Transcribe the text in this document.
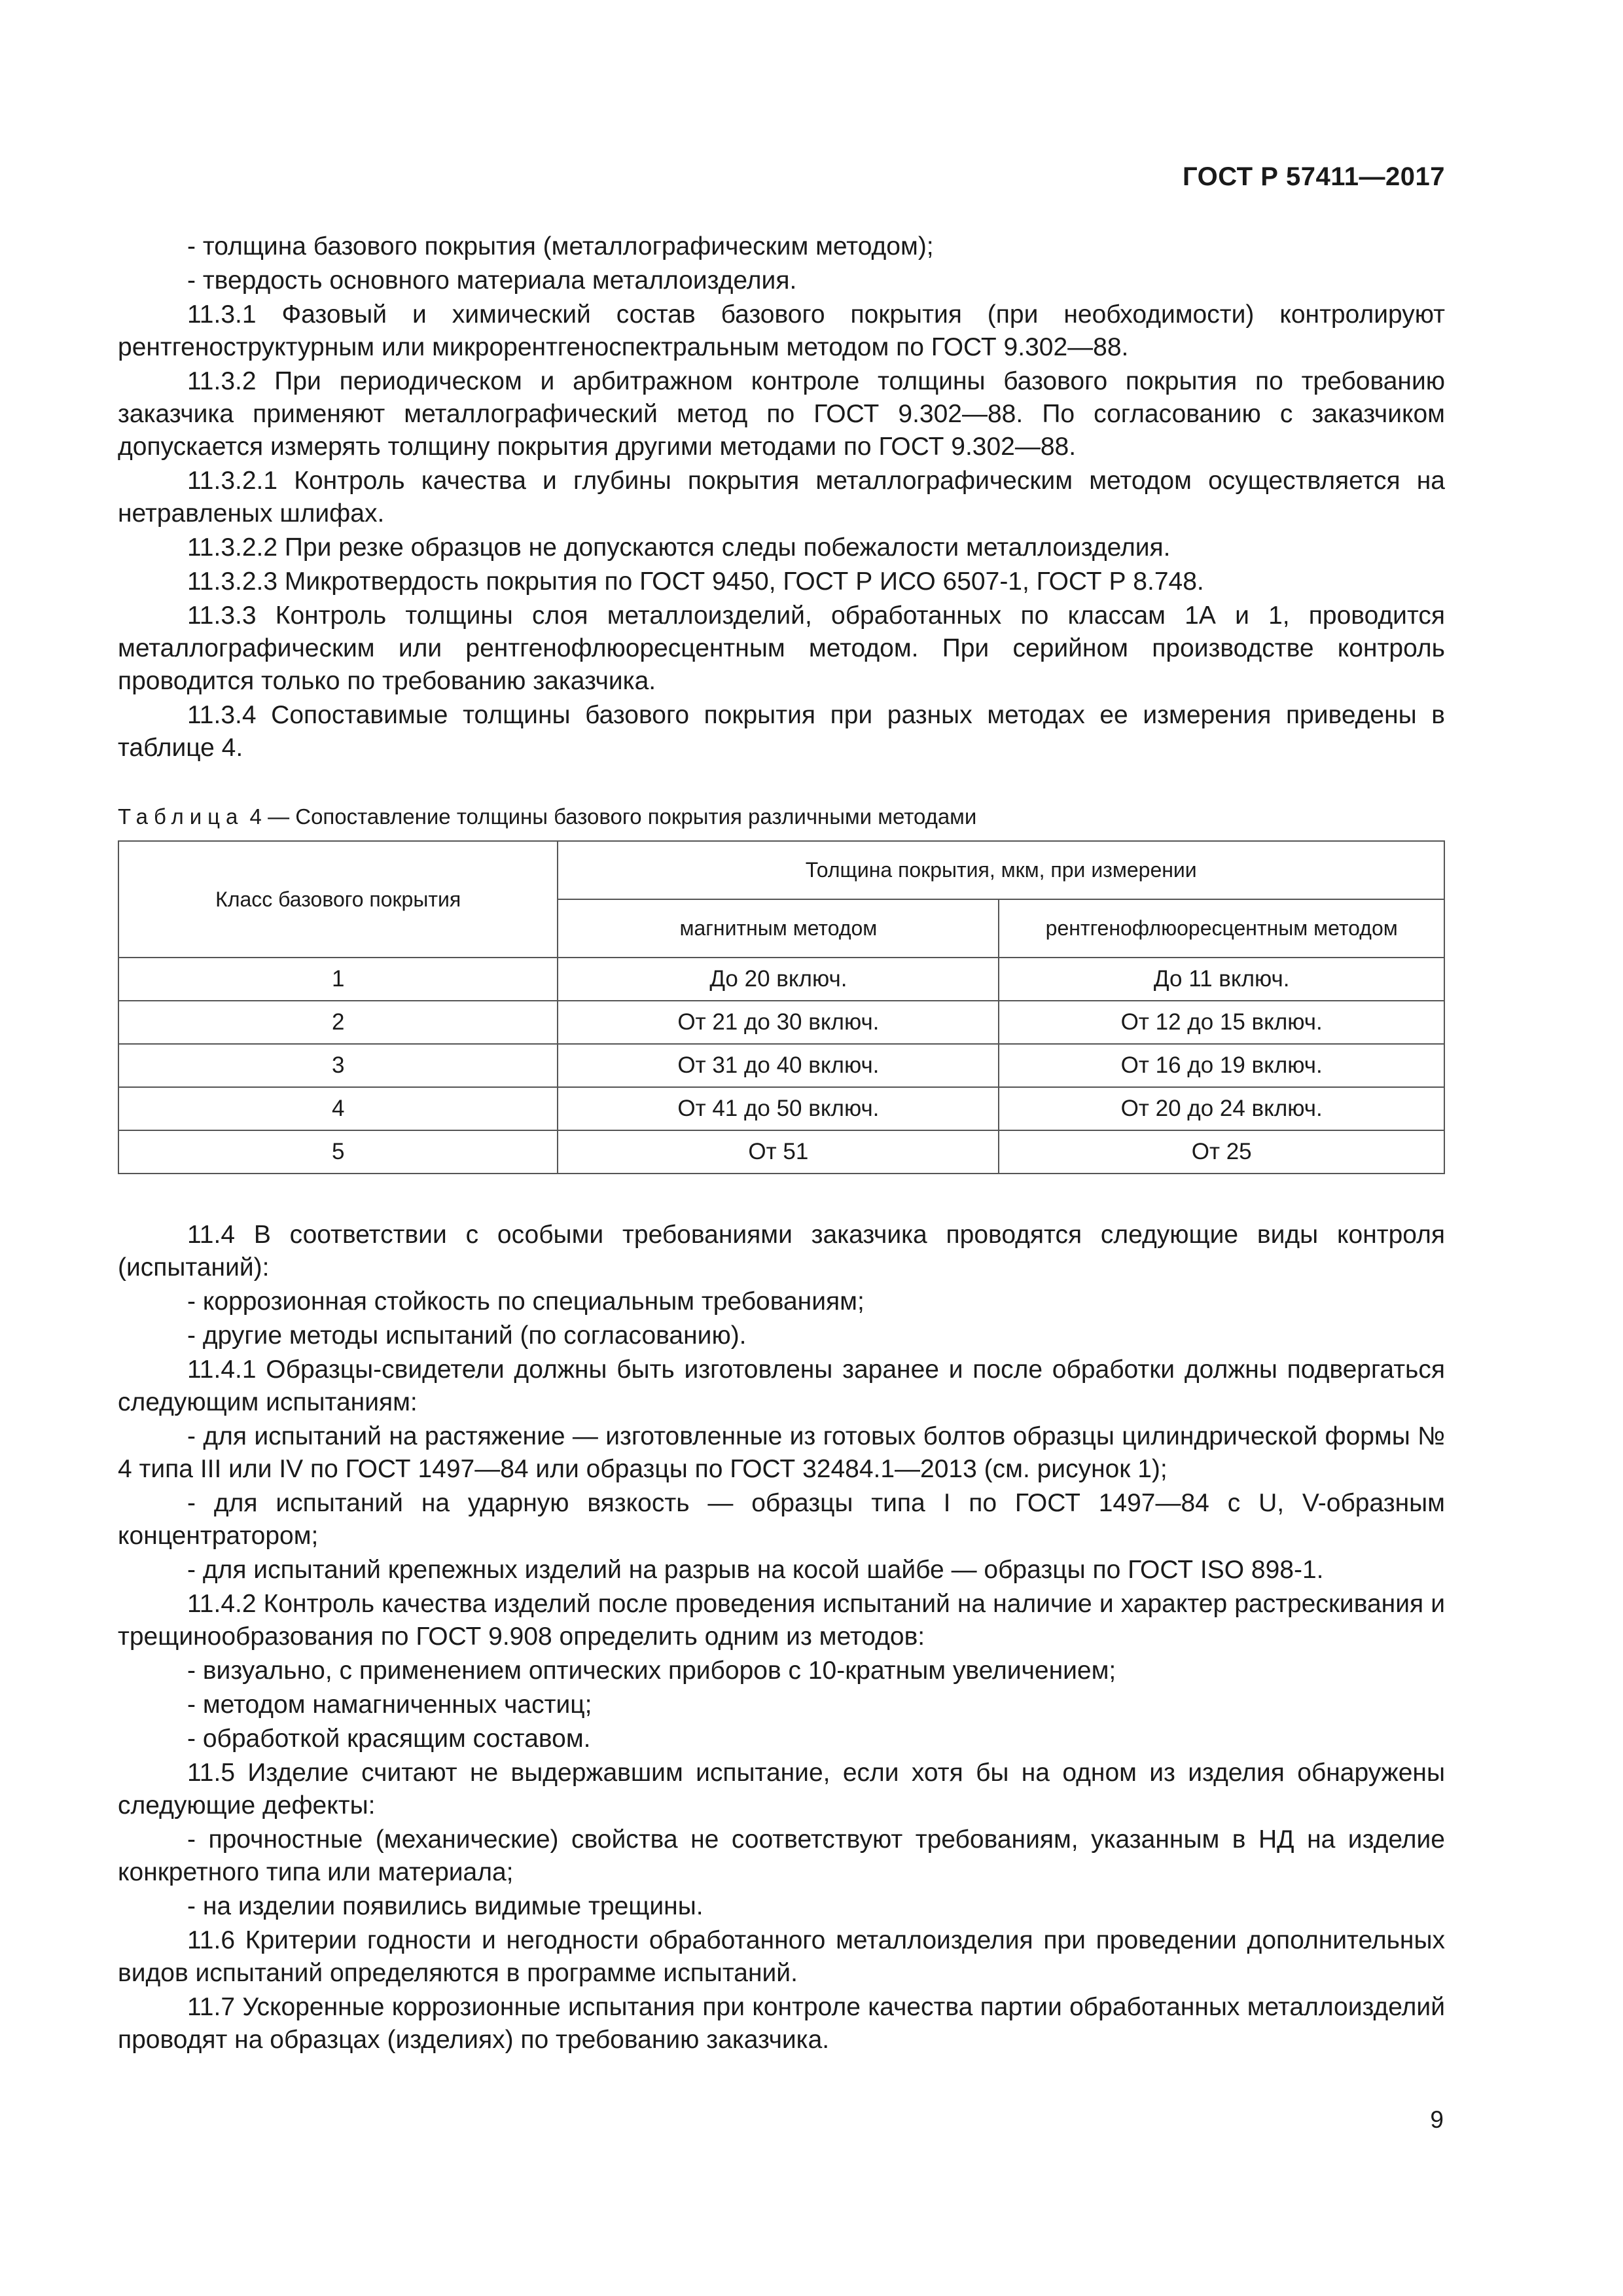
ГОСТ Р 57411—2017

- толщина базового покрытия (металлографическим методом);

- твердость основного материала металлоизделия.

11.3.1 Фазовый и химический состав базового покрытия (при необходимости) контролируют рентгеноструктурным или микрорентгеноспектральным методом по ГОСТ 9.302—88.

11.3.2 При периодическом и арбитражном контроле толщины базового покрытия по требованию заказчика применяют металлографический метод по ГОСТ 9.302—88. По согласованию с заказчиком допускается измерять толщину покрытия другими методами по ГОСТ 9.302—88.

11.3.2.1 Контроль качества и глубины покрытия металлографическим методом осуществляется на нетравленых шлифах.

11.3.2.2 При резке образцов не допускаются следы побежалости металлоизделия.

11.3.2.3 Микротвердость покрытия по ГОСТ 9450, ГОСТ Р ИСО 6507-1, ГОСТ Р 8.748.

11.3.3 Контроль толщины слоя металлоизделий, обработанных по классам 1А и 1, проводится металлографическим или рентгенофлюоресцентным методом. При серийном производстве контроль проводится только по требованию заказчика.

11.3.4 Сопоставимые толщины базового покрытия при разных методах ее измерения приведены в таблице 4.

Таблица 4 — Сопоставление толщины базового покрытия различными методами

Класс базового покрытия	Толщина покрытия, мкм, при измерении	
	магнитным методом	рентгенофлюоресцентным методом
1	До 20 включ.	До 11 включ.
2	От 21 до 30 включ.	От 12 до 15 включ.
3	От 31 до 40 включ.	От 16 до 19 включ.
4	От 41 до 50 включ.	От 20 до 24 включ.
5	От 51	От 25

11.4 В соответствии с особыми требованиями заказчика проводятся следующие виды контроля (испытаний):

- коррозионная стойкость по специальным требованиям;

- другие методы испытаний (по согласованию).

11.4.1 Образцы-свидетели должны быть изготовлены заранее и после обработки должны подвергаться следующим испытаниям:

- для испытаний на растяжение — изготовленные из готовых болтов образцы цилиндрической формы № 4 типа III или IV по ГОСТ 1497—84 или образцы по ГОСТ 32484.1—2013 (см. рисунок 1);

- для испытаний на ударную вязкость — образцы типа I по ГОСТ 1497—84 с U, V-образным концентратором;

- для испытаний крепежных изделий на разрыв на косой шайбе — образцы по ГОСТ ISO 898-1.

11.4.2 Контроль качества изделий после проведения испытаний на наличие и характер растрескивания и трещинообразования по ГОСТ 9.908 определить одним из методов:

- визуально, с применением оптических приборов с 10-кратным увеличением;

- методом намагниченных частиц;

- обработкой красящим составом.

11.5 Изделие считают не выдержавшим испытание, если хотя бы на одном из изделия обнаружены следующие дефекты:

- прочностные (механические) свойства не соответствуют требованиям, указанным в НД на изделие конкретного типа или материала;

- на изделии появились видимые трещины.

11.6 Критерии годности и негодности обработанного металлоизделия при проведении дополнительных видов испытаний определяются в программе испытаний.

11.7 Ускоренные коррозионные испытания при контроле качества партии обработанных металлоизделий проводят на образцах (изделиях) по требованию заказчика.

9
